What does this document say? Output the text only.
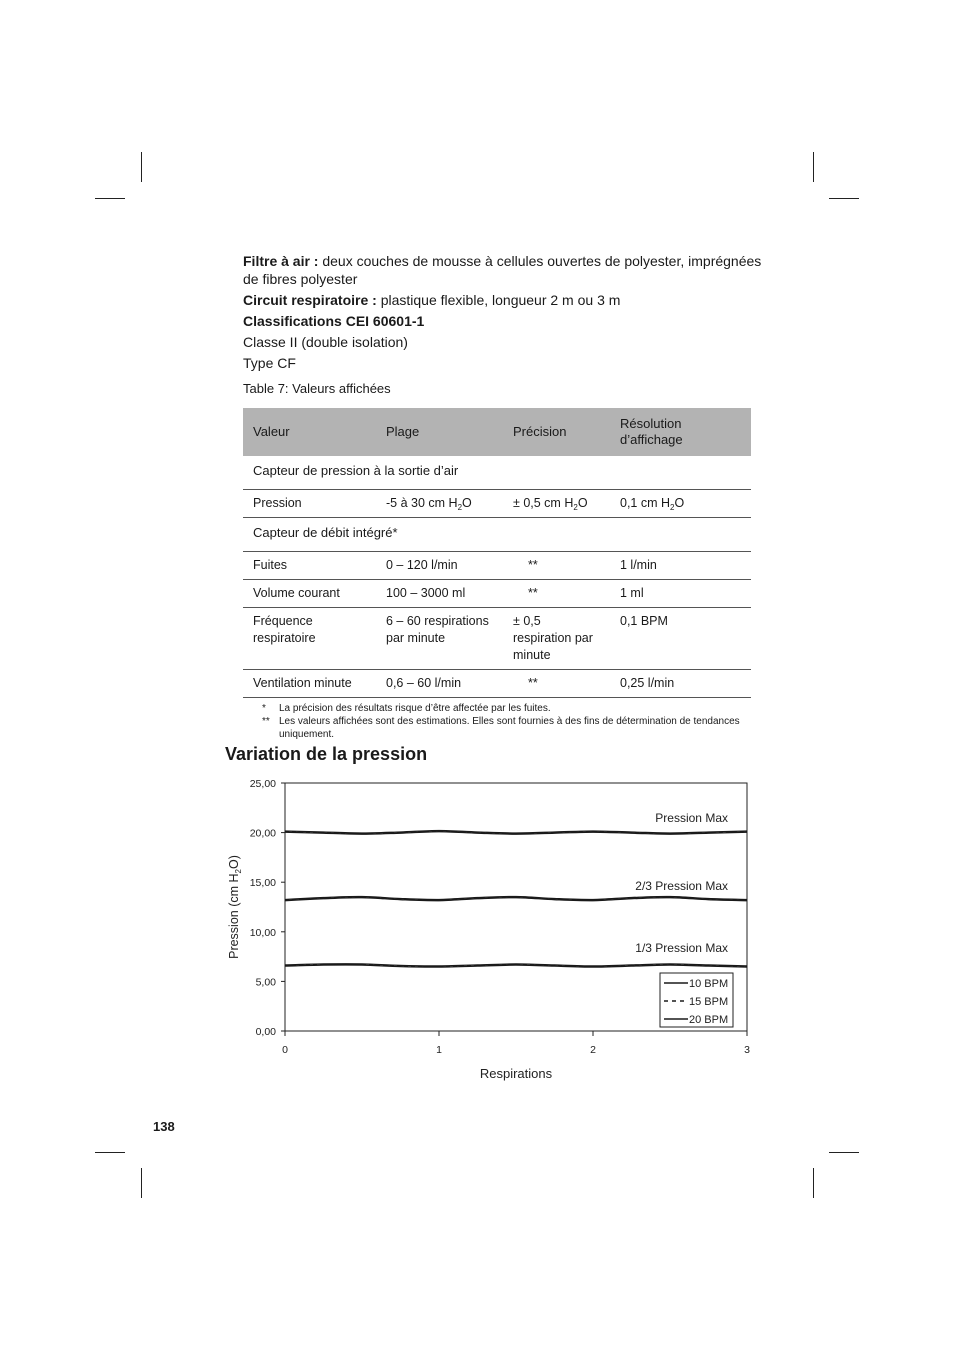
Filtre à air : deux couches de mousse à cellules ouvertes de polyester, imprégnées de fibres polyester

Circuit respiratoire : plastique flexible, longueur 2 m ou 3 m

Classifications CEI 60601-1

Classe II (double isolation)

Type CF

Table 7: Valeurs affichées
Valeur	Plage	Précision	Résolution d’affichage
Capteur de pression à la sortie d’air			
Pression	-5 à 30 cm $H_2O$	± 0,5 cm $H_2O$	0,1 cm $H_2O$
Capteur de débit intégré*			
Fuites	0 – 120 l/min	**	1 l/min
Volume courant	100 – 3000 ml	**	1 ml
Fréquence respiratoire	6 – 60 respirations par minute	± 0,5 respiration par minute	0,1 BPM
Ventilation minute	0,6 – 60 l/min	**	0,25 l/min
* La précision des résultats risque d’être affectée par les fuites.
** Les valeurs affichées sont des estimations. Elles sont fournies à des fins de détermination de tendances uniquement.
Variation de la pression
0,00
5,00
10,00
15,00
20,00
25,00
0	1	2	3
Respirations
Pression (cm $H_2O$)
Pression Max
2/3 Pression Max
1/3 Pression Max
10 BPM
15 BPM
20 BPM
138
